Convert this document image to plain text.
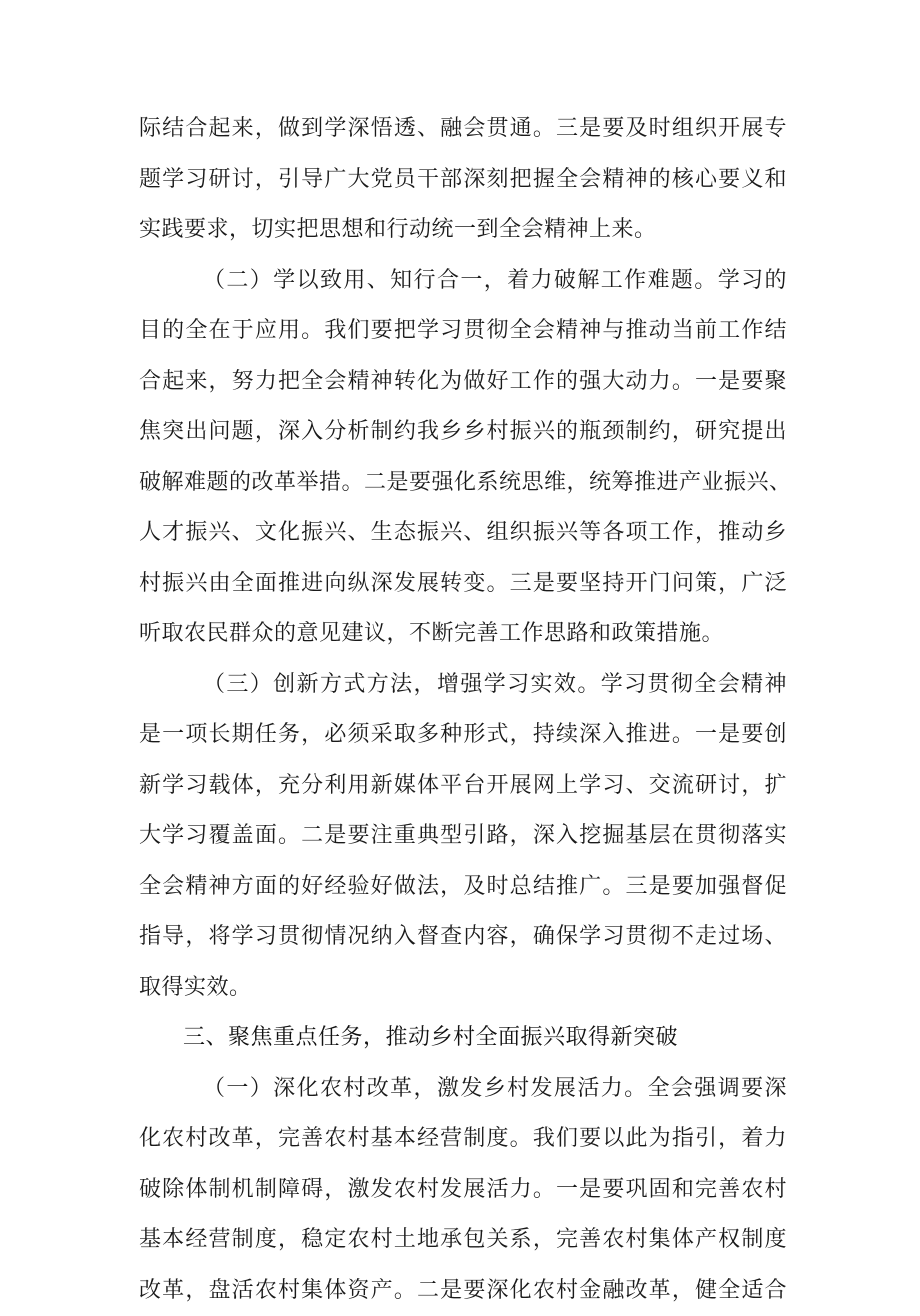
际结合起来，做到学深悟透、融会贯通。三是要及时组织开展专
题学习研讨，引导广大党员干部深刻把握全会精神的核心要义和
实践要求，切实把思想和行动统一到全会精神上来。
（二）学以致用、知行合一，着力破解工作难题。学习的
目的全在于应用。我们要把学习贯彻全会精神与推动当前工作结
合起来，努力把全会精神转化为做好工作的强大动力。一是要聚
焦突出问题，深入分析制约我乡乡村振兴的瓶颈制约，研究提出
破解难题的改革举措。二是要强化系统思维，统筹推进产业振兴、
人才振兴、文化振兴、生态振兴、组织振兴等各项工作，推动乡
村振兴由全面推进向纵深发展转变。三是要坚持开门问策，广泛
听取农民群众的意见建议，不断完善工作思路和政策措施。
（三）创新方式方法，增强学习实效。学习贯彻全会精神
是一项长期任务，必须采取多种形式，持续深入推进。一是要创
新学习载体，充分利用新媒体平台开展网上学习、交流研讨，扩
大学习覆盖面。二是要注重典型引路，深入挖掘基层在贯彻落实
全会精神方面的好经验好做法，及时总结推广。三是要加强督促
指导，将学习贯彻情况纳入督查内容，确保学习贯彻不走过场、
取得实效。
三、聚焦重点任务，推动乡村全面振兴取得新突破
（一）深化农村改革，激发乡村发展活力。全会强调要深
化农村改革，完善农村基本经营制度。我们要以此为指引，着力
破除体制机制障碍，激发农村发展活力。一是要巩固和完善农村
基本经营制度，稳定农村土地承包关系，完善农村集体产权制度
改革，盘活农村集体资产。二是要深化农村金融改革，健全适合
